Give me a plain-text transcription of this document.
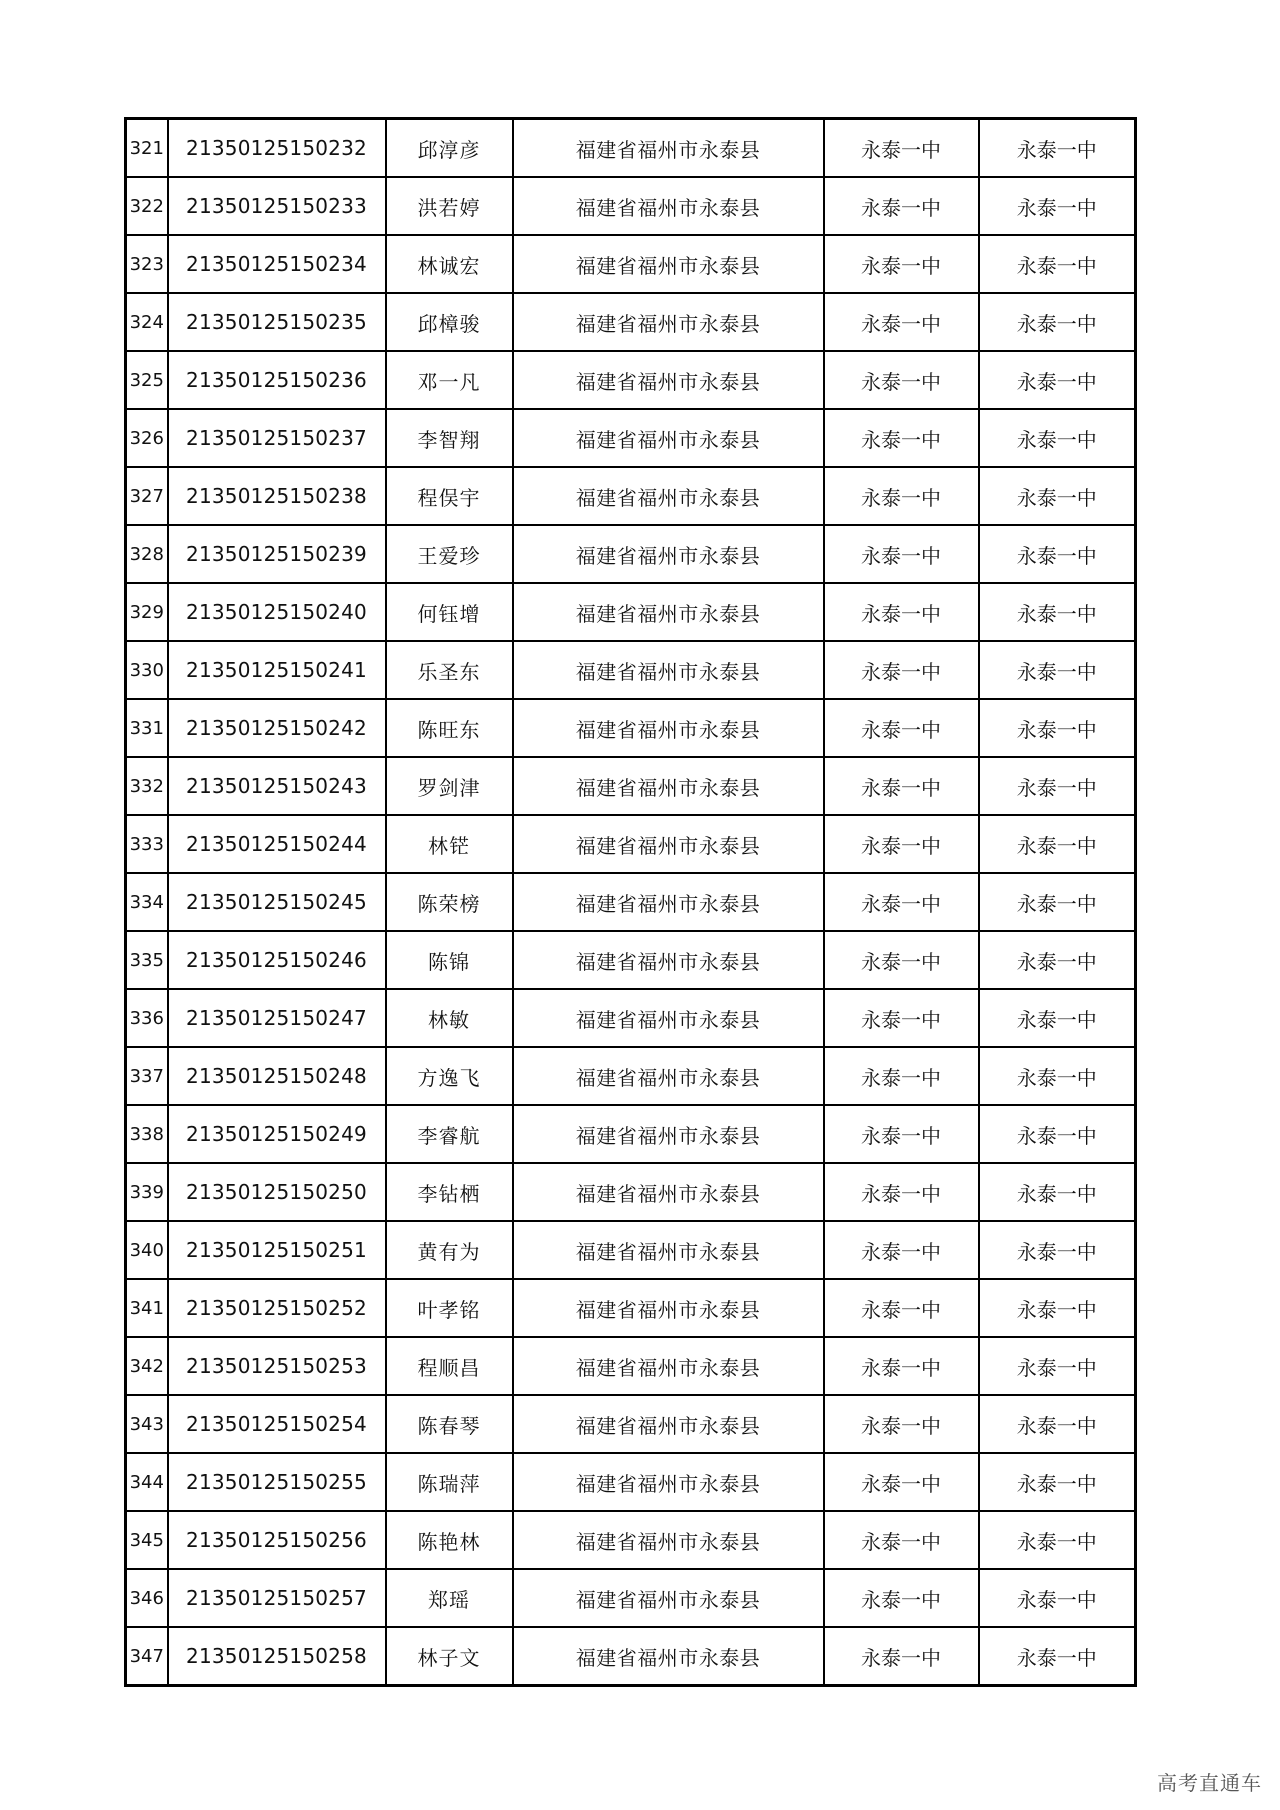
321	21350125150232	邱淳彦	福建省福州市永泰县	永泰一中	永泰一中
322	21350125150233	洪若婷	福建省福州市永泰县	永泰一中	永泰一中
323	21350125150234	林诚宏	福建省福州市永泰县	永泰一中	永泰一中
324	21350125150235	邱樟骏	福建省福州市永泰县	永泰一中	永泰一中
325	21350125150236	邓一凡	福建省福州市永泰县	永泰一中	永泰一中
326	21350125150237	李智翔	福建省福州市永泰县	永泰一中	永泰一中
327	21350125150238	程俣宇	福建省福州市永泰县	永泰一中	永泰一中
328	21350125150239	王爱珍	福建省福州市永泰县	永泰一中	永泰一中
329	21350125150240	何钰增	福建省福州市永泰县	永泰一中	永泰一中
330	21350125150241	乐圣东	福建省福州市永泰县	永泰一中	永泰一中
331	21350125150242	陈旺东	福建省福州市永泰县	永泰一中	永泰一中
332	21350125150243	罗剑津	福建省福州市永泰县	永泰一中	永泰一中
333	21350125150244	林铓	福建省福州市永泰县	永泰一中	永泰一中
334	21350125150245	陈荣榜	福建省福州市永泰县	永泰一中	永泰一中
335	21350125150246	陈锦	福建省福州市永泰县	永泰一中	永泰一中
336	21350125150247	林敏	福建省福州市永泰县	永泰一中	永泰一中
337	21350125150248	方逸飞	福建省福州市永泰县	永泰一中	永泰一中
338	21350125150249	李睿航	福建省福州市永泰县	永泰一中	永泰一中
339	21350125150250	李钻栖	福建省福州市永泰县	永泰一中	永泰一中
340	21350125150251	黄有为	福建省福州市永泰县	永泰一中	永泰一中
341	21350125150252	叶孝铭	福建省福州市永泰县	永泰一中	永泰一中
342	21350125150253	程顺昌	福建省福州市永泰县	永泰一中	永泰一中
343	21350125150254	陈春琴	福建省福州市永泰县	永泰一中	永泰一中
344	21350125150255	陈瑞萍	福建省福州市永泰县	永泰一中	永泰一中
345	21350125150256	陈艳林	福建省福州市永泰县	永泰一中	永泰一中
346	21350125150257	郑瑶	福建省福州市永泰县	永泰一中	永泰一中
347	21350125150258	林子文	福建省福州市永泰县	永泰一中	永泰一中
高考直通车
